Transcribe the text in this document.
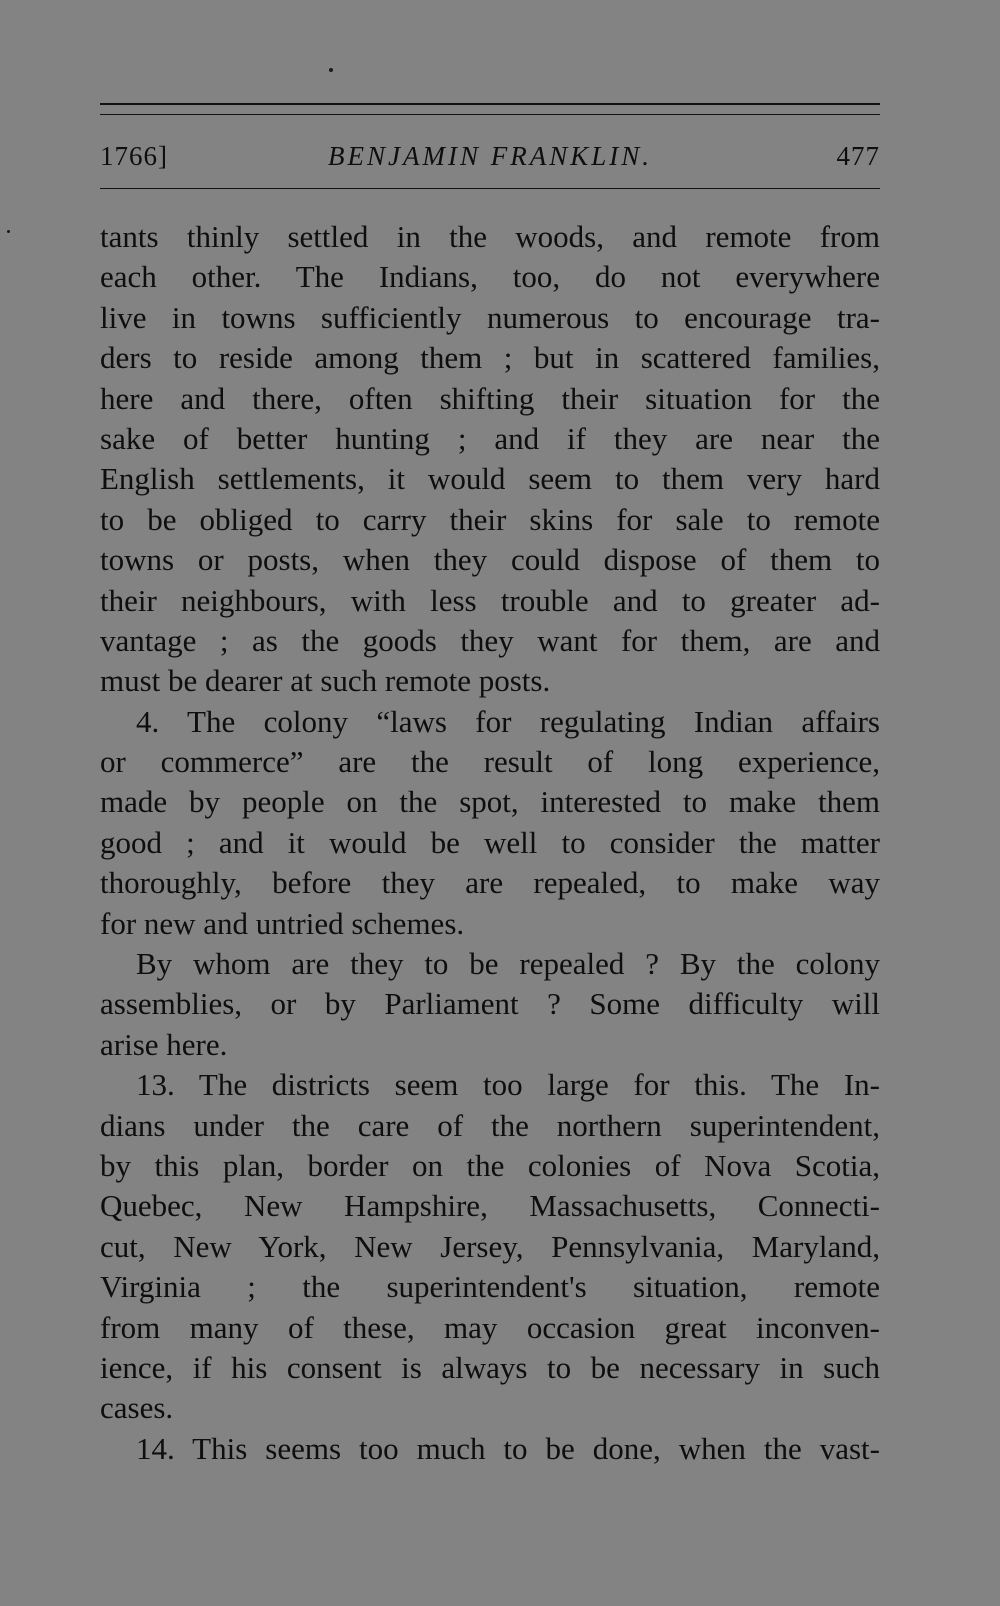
1766]	BENJAMIN FRANKLIN.	477
tants thinly settled in the woods, and remote from
each other. The Indians, too, do not everywhere
live in towns sufficiently numerous to encourage tra-
ders to reside among them ; but in scattered families,
here and there, often shifting their situation for the
sake of better hunting ; and if they are near the
English settlements, it would seem to them very hard
to be obliged to carry their skins for sale to remote
towns or posts, when they could dispose of them to
their neighbours, with less trouble and to greater ad-
vantage ; as the goods they want for them, are and
must be dearer at such remote posts.
4. The colony “laws for regulating Indian affairs
or commerce” are the result of long experience,
made by people on the spot, interested to make them
good ; and it would be well to consider the matter
thoroughly, before they are repealed, to make way
for new and untried schemes.
By whom are they to be repealed ? By the colony
assemblies, or by Parliament ? Some difficulty will
arise here.
13. The districts seem too large for this. The In-
dians under the care of the northern superintendent,
by this plan, border on the colonies of Nova Scotia,
Quebec, New Hampshire, Massachusetts, Connecti-
cut, New York, New Jersey, Pennsylvania, Maryland,
Virginia ; the superintendent's situation, remote
from many of these, may occasion great inconven-
ience, if his consent is always to be necessary in such
cases.
14. This seems too much to be done, when the vast-
